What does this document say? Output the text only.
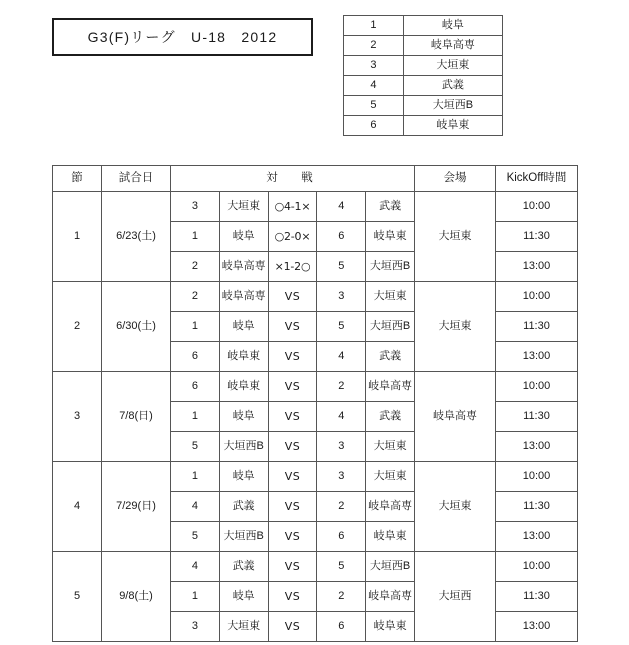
G3(F)リーグ　U-18　2012
1	岐阜
2	岐阜高専
3	大垣東
4	武義
5	大垣西B
6	岐阜東
節	試合日	対　戦					会場	KickOff時間
1	6/23(土)	3	大垣東	○4-1×	4	武義	大垣東	10:00
		1	岐阜	○2-0×	6	岐阜東		11:30
		2	岐阜高専	×1-2○	5	大垣西B		13:00
2	6/30(土)	2	岐阜高専	VS	3	大垣東	大垣東	10:00
		1	岐阜	VS	5	大垣西B		11:30
		6	岐阜東	VS	4	武義		13:00
3	7/8(日)	6	岐阜東	VS	2	岐阜高専	岐阜高専	10:00
		1	岐阜	VS	4	武義		11:30
		5	大垣西B	VS	3	大垣東		13:00
4	7/29(日)	1	岐阜	VS	3	大垣東	大垣東	10:00
		4	武義	VS	2	岐阜高専		11:30
		5	大垣西B	VS	6	岐阜東		13:00
5	9/8(土)	4	武義	VS	5	大垣西B	大垣西	10:00
		1	岐阜	VS	2	岐阜高専		11:30
		3	大垣東	VS	6	岐阜東		13:00
